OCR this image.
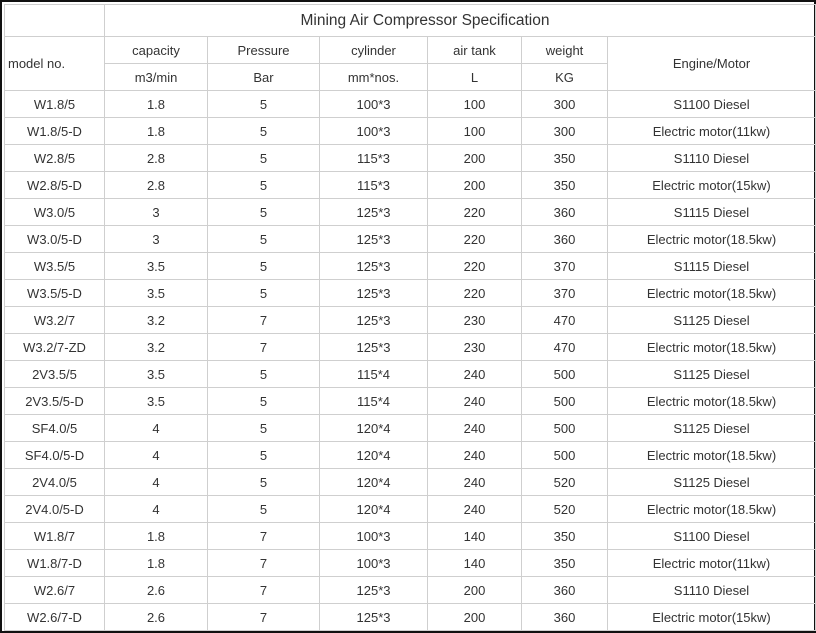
	Mining Air Compressor Specification					
model no.	capacity	Pressure	cylinder	air tank	weight	Engine/Motor
	m3/min	Bar	mm*nos.	L	KG	
W1.8/5	1.8	5	100*3	100	300	S1100 Diesel
W1.8/5-D	1.8	5	100*3	100	300	Electric motor(11kw)
W2.8/5	2.8	5	115*3	200	350	S1110 Diesel
W2.8/5-D	2.8	5	115*3	200	350	Electric motor(15kw)
W3.0/5	3	5	125*3	220	360	S1115 Diesel
W3.0/5-D	3	5	125*3	220	360	Electric motor(18.5kw)
W3.5/5	3.5	5	125*3	220	370	S1115 Diesel
W3.5/5-D	3.5	5	125*3	220	370	Electric motor(18.5kw)
W3.2/7	3.2	7	125*3	230	470	S1125 Diesel
W3.2/7-ZD	3.2	7	125*3	230	470	Electric motor(18.5kw)
2V3.5/5	3.5	5	115*4	240	500	S1125 Diesel
2V3.5/5-D	3.5	5	115*4	240	500	Electric motor(18.5kw)
SF4.0/5	4	5	120*4	240	500	S1125 Diesel
SF4.0/5-D	4	5	120*4	240	500	Electric motor(18.5kw)
2V4.0/5	4	5	120*4	240	520	S1125 Diesel
2V4.0/5-D	4	5	120*4	240	520	Electric motor(18.5kw)
W1.8/7	1.8	7	100*3	140	350	S1100 Diesel
W1.8/7-D	1.8	7	100*3	140	350	Electric motor(11kw)
W2.6/7	2.6	7	125*3	200	360	S1110 Diesel
W2.6/7-D	2.6	7	125*3	200	360	Electric motor(15kw)
